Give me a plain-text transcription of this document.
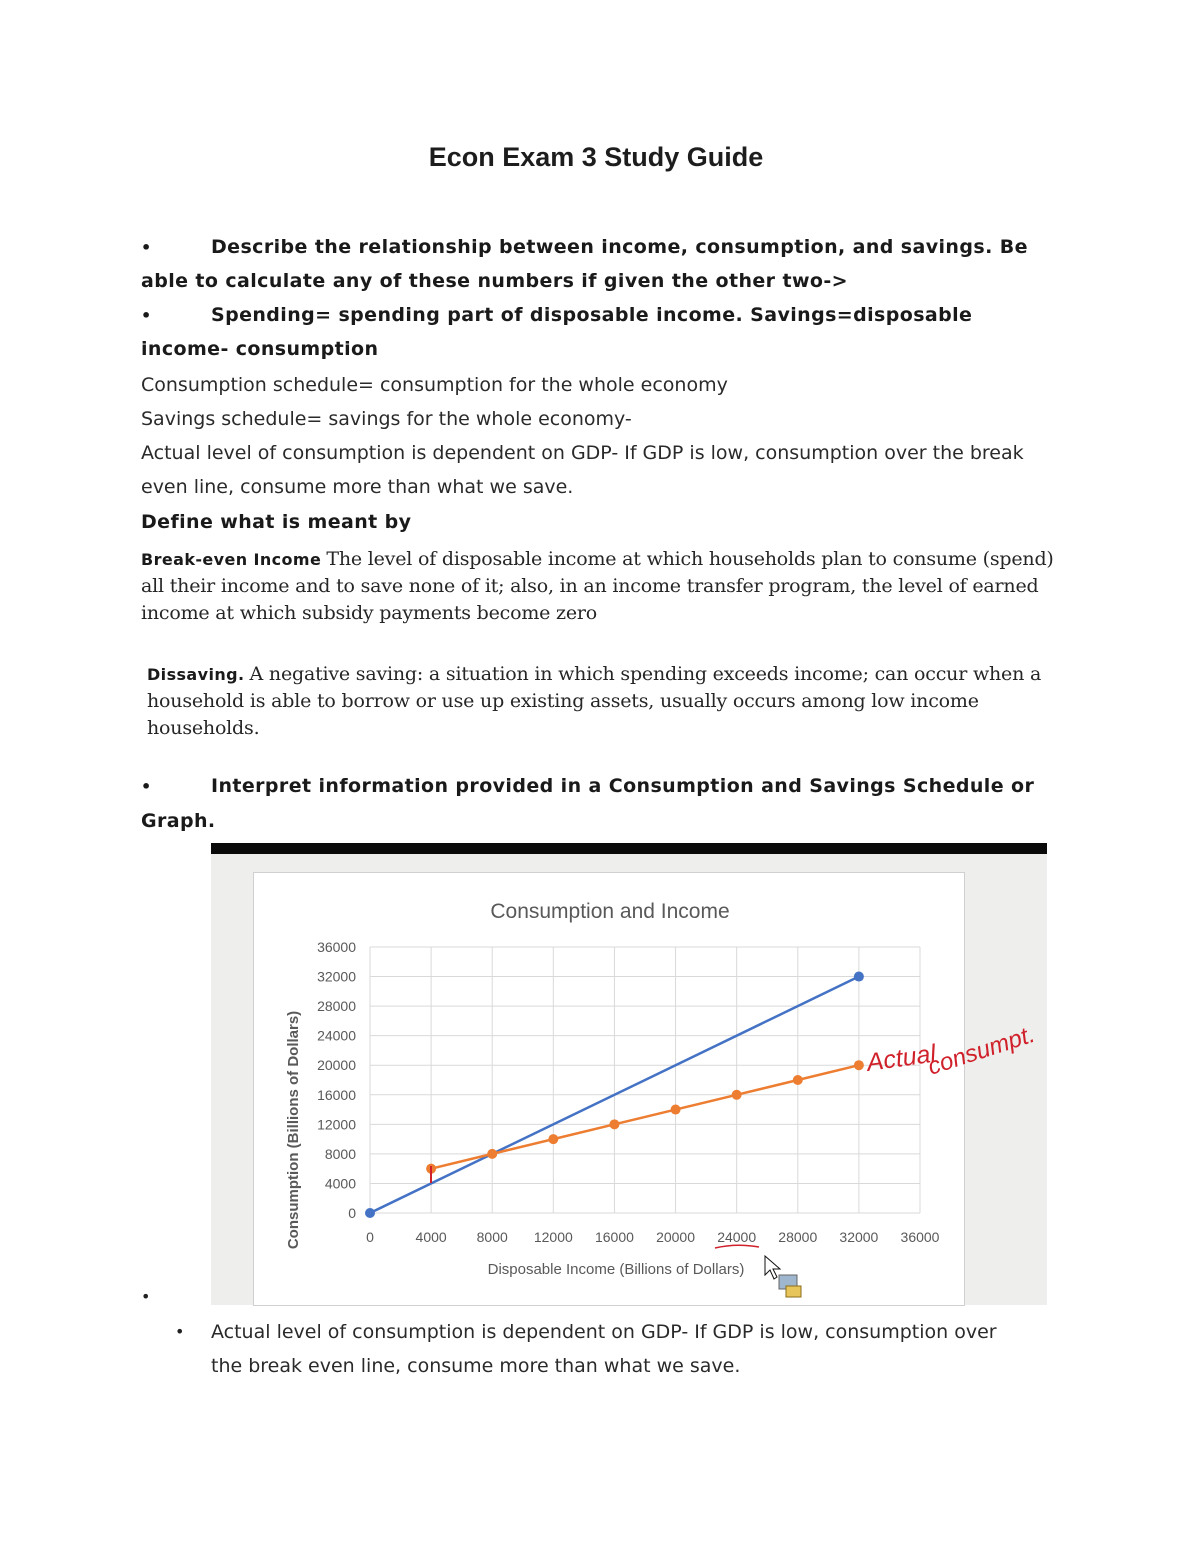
Econ Exam 3 Study Guide
•	Describe the relationship between income, consumption, and savings. Be
able to calculate any of these numbers if given the other two->
•	Spending= spending part of disposable income. Savings=disposable
income- consumption
Consumption schedule= consumption for the whole economy
Savings schedule= savings for the whole economy-
Actual level of consumption is dependent on GDP- If GDP is low, consumption over the break
even line, consume more than what we save.
Define what is meant by
Break-even Income The level of disposable income at which households plan to consume (spend) all their income and to save none of it; also, in an income transfer program, the level of earned income at which subsidy payments become zero
Dissaving. A negative saving: a situation in which spending exceeds income; can occur when a household is able to borrow or use up existing assets, usually occurs among low income households.
•	Interpret information provided in a Consumption and Savings Schedule or
Graph.
Consumption and Income
0	4000 8000 12000 16000 20000 24000 28000 32000 36000
0
4000
8000
12000
16000
20000
24000
28000
32000
36000
Disposable Income (Billions of Dollars)
Consumption (Billions of Dollars)	Actual
consumpt.
•
• Actual level of consumption is dependent on GDP- If GDP is low, consumption over
the break even line, consume more than what we save.
